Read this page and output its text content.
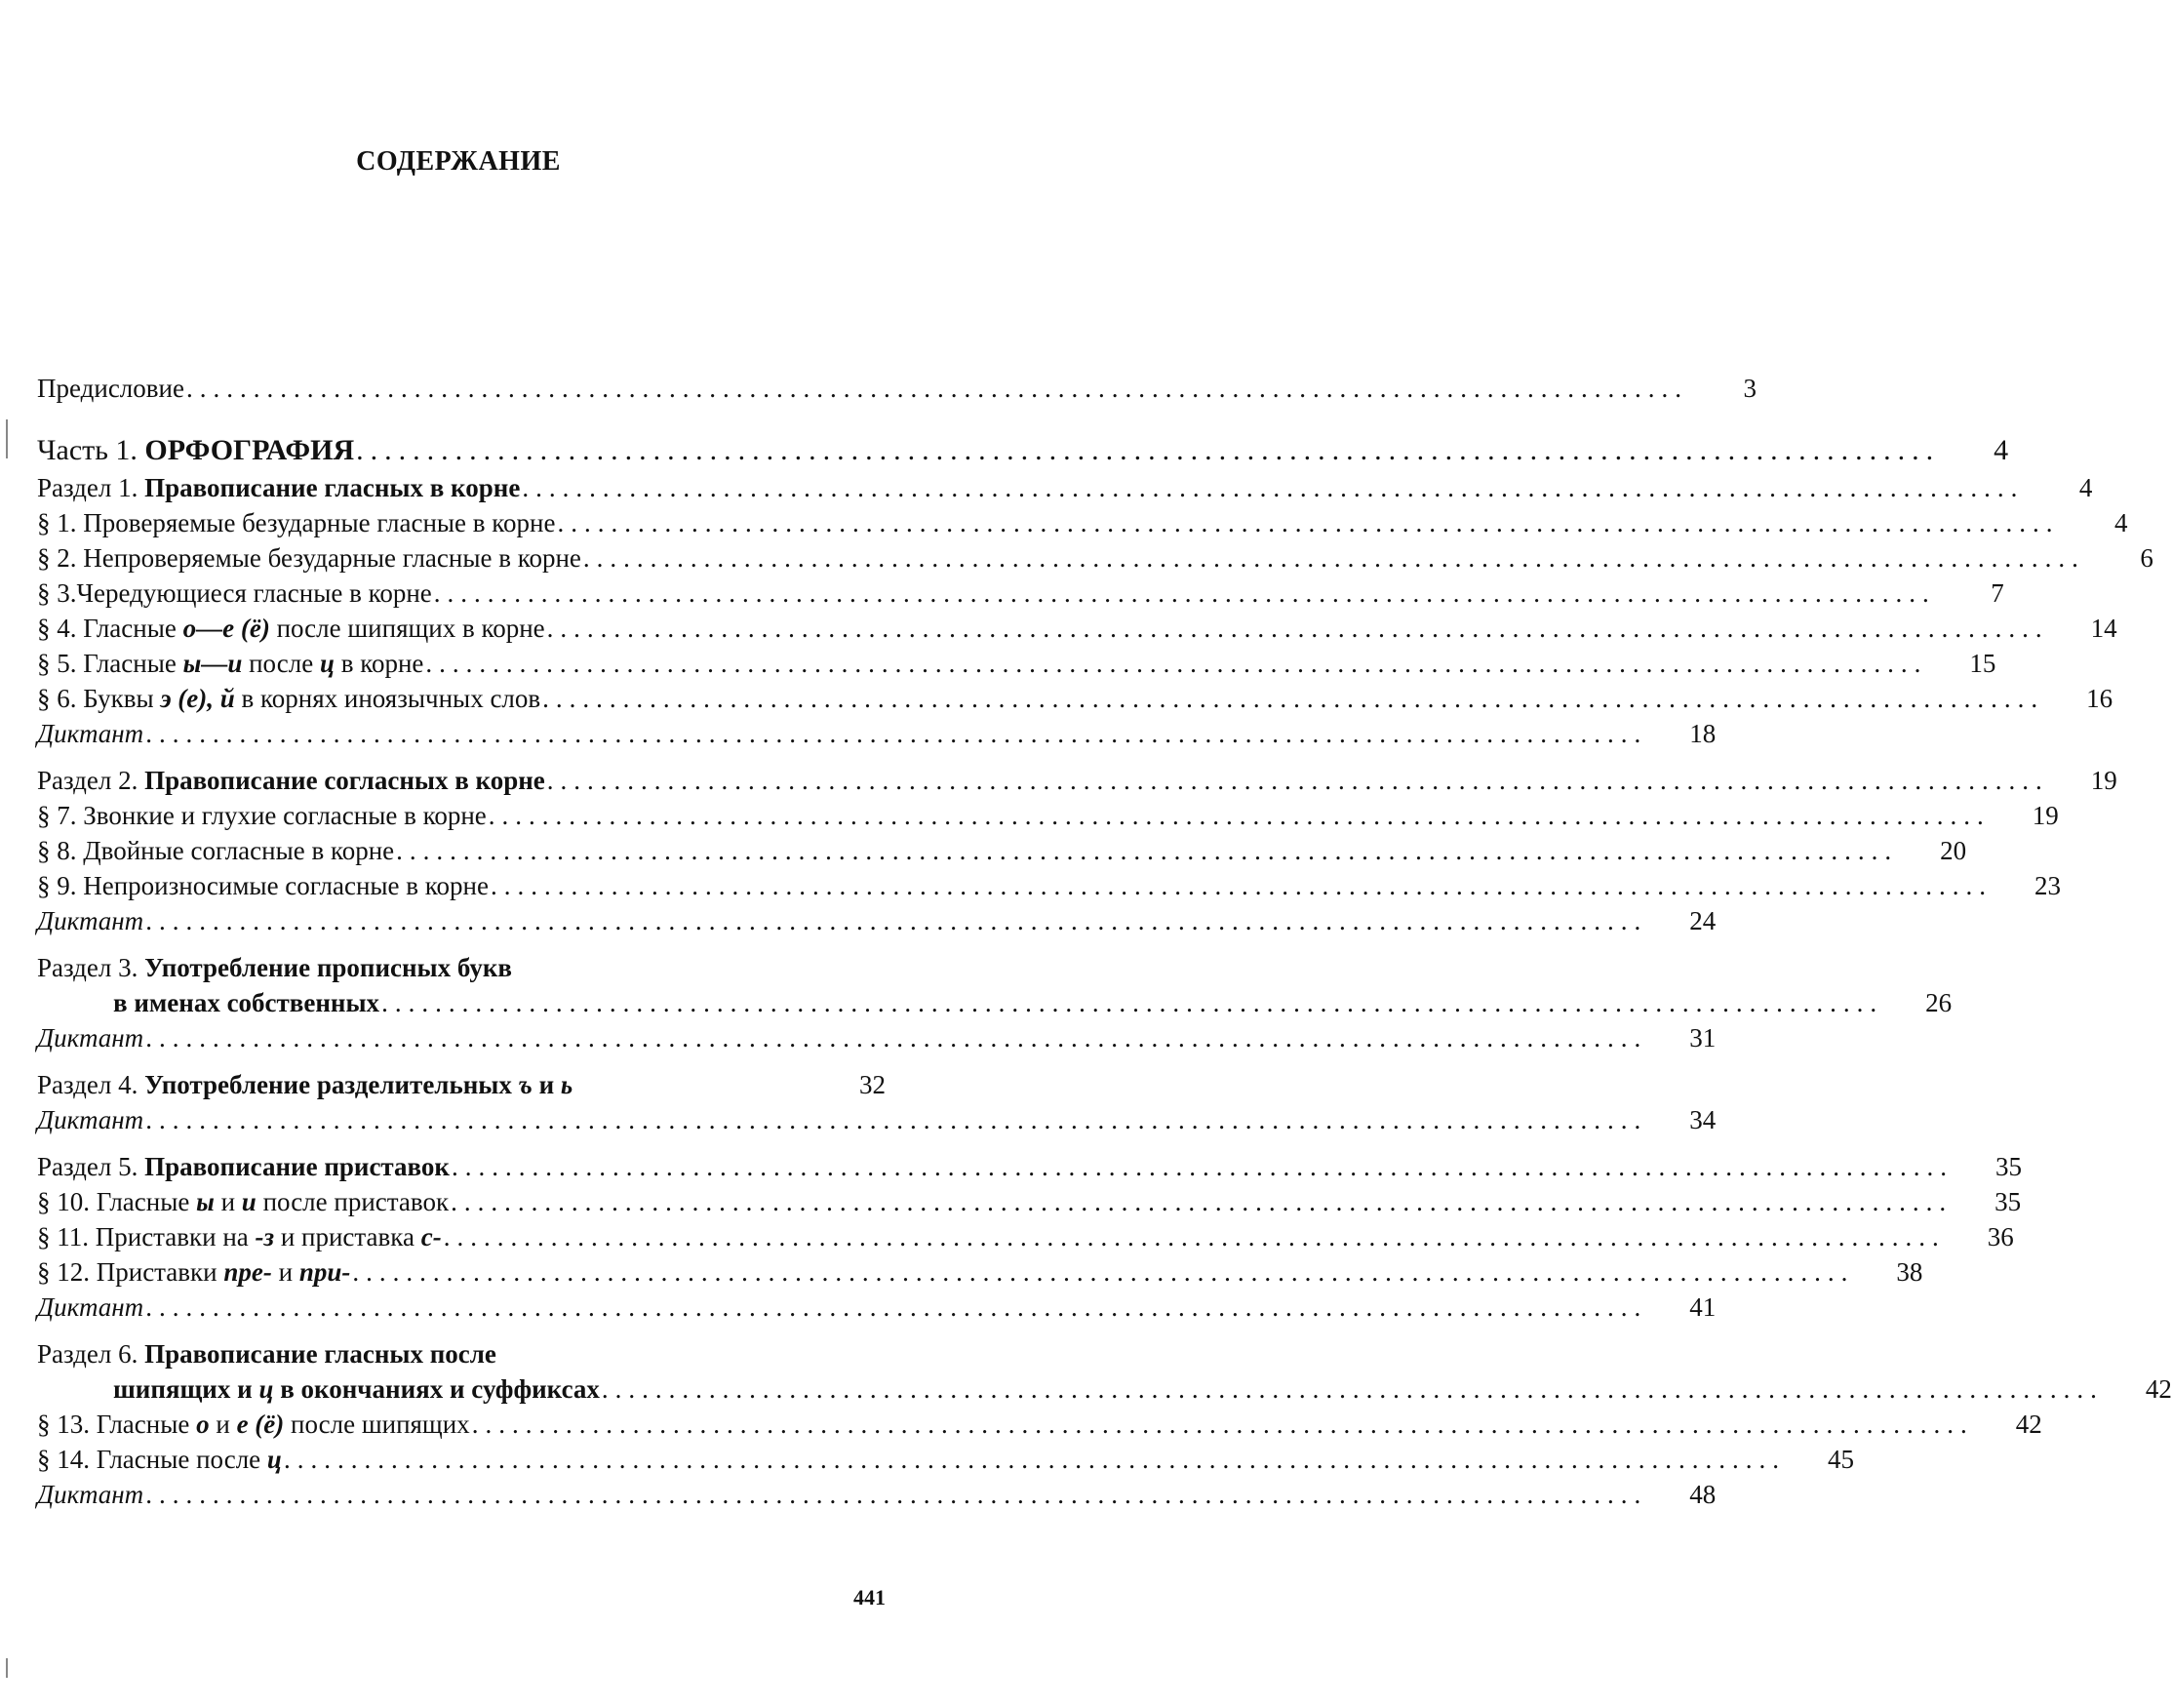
СОДЕРЖАНИЕ
Предисловие ................................................................................................................	3
Часть 1. ОРФОГРАФИЯ ................................................................................................................	4
Раздел 1. Правописание гласных в корне ................................................................................................................	4
§ 1. Проверяемые безударные гласные в корне ................................................................................................................	4
§ 2. Непроверяемые безударные гласные в корне ................................................................................................................	6
§ 3.Чередующиеся гласные в корне ................................................................................................................	7
§ 4. Гласные о—е (ё) после шипящих в корне ................................................................................................................	14
§ 5. Гласные ы—и после ц в корне ................................................................................................................	15
§ 6. Буквы э (е), й в корнях иноязычных слов ................................................................................................................	16
Диктант ................................................................................................................	18
Раздел 2. Правописание согласных в корне ................................................................................................................	19
§ 7. Звонкие и глухие согласные в корне ................................................................................................................	19
§ 8. Двойные согласные в корне ................................................................................................................	20
§ 9. Непроизносимые согласные в корне ................................................................................................................	23
Диктант ................................................................................................................	24
Раздел 3. Употребление прописных букв
в именах собственных ................................................................................................................	26
Диктант ................................................................................................................	31
Раздел 4. Употребление разделительных ъ и ь	32
Диктант ................................................................................................................	34
Раздел 5. Правописание приставок ................................................................................................................	35
§ 10. Гласные ы и и после приставок ................................................................................................................	35
§ 11. Приставки на -з и приставка с- ................................................................................................................	36
§ 12. Приставки пре- и при- ................................................................................................................	38
Диктант ................................................................................................................	41
Раздел 6. Правописание гласных после
шипящих и ц в окончаниях и суффиксах ................................................................................................................	42
§ 13. Гласные о и е (ё) после шипящих ................................................................................................................	42
§ 14. Гласные после ц ................................................................................................................	45
Диктант ................................................................................................................	48
441
